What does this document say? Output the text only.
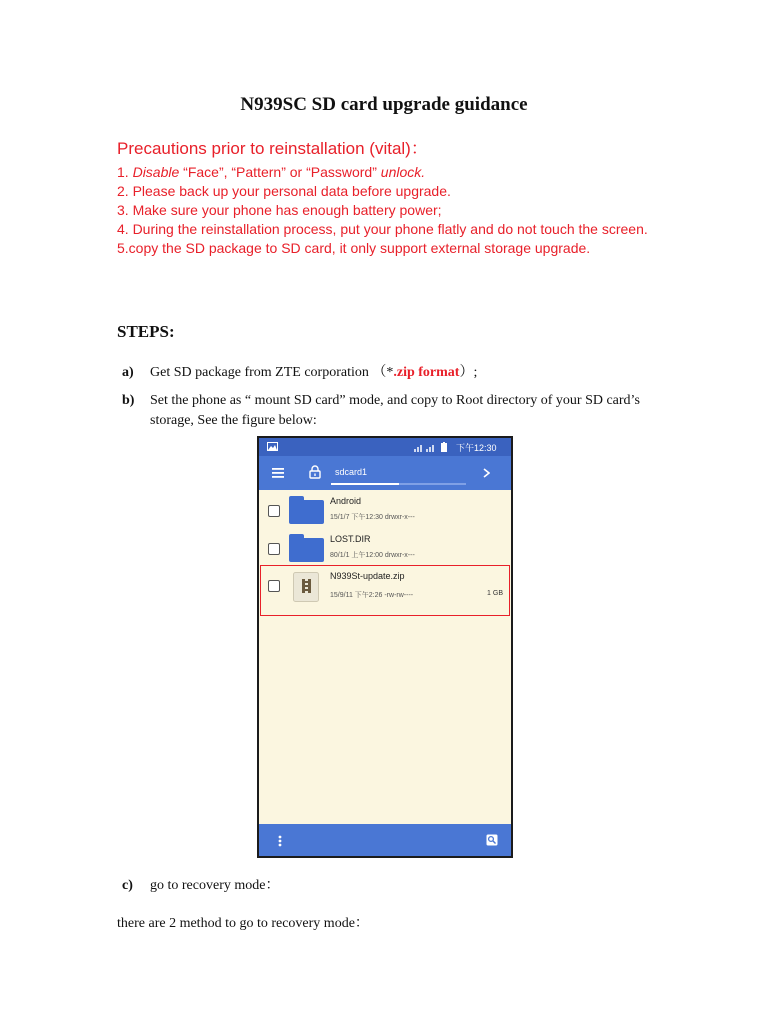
N939SC SD card upgrade guidance
Precautions prior to reinstallation (vital)：
1. Disable “Face”, “Pattern” or “Password” unlock.
2. Please back up your personal data before upgrade.
3. Make sure your phone has enough battery power;
4. During the reinstallation process, put your phone flatly and do not touch the screen.
5.copy the SD package to SD card, it only support external storage upgrade.
STEPS:
a) Get SD package from ZTE corporation （*.zip format）;
b) Set the phone as “ mount SD card” mode, and copy to Root directory of your SD card’s storage, See the figure below:
下午12:30
sdcard1
Android
15/1/7 下午12:30 drwxr-x---
LOST.DIR
80/1/1 上午12:00 drwxr-x---
N939St-update.zip
15/9/11 下午2:26 -rw-rw----	1 GB
c) go to recovery mode：
there are 2 method to go to recovery mode：
